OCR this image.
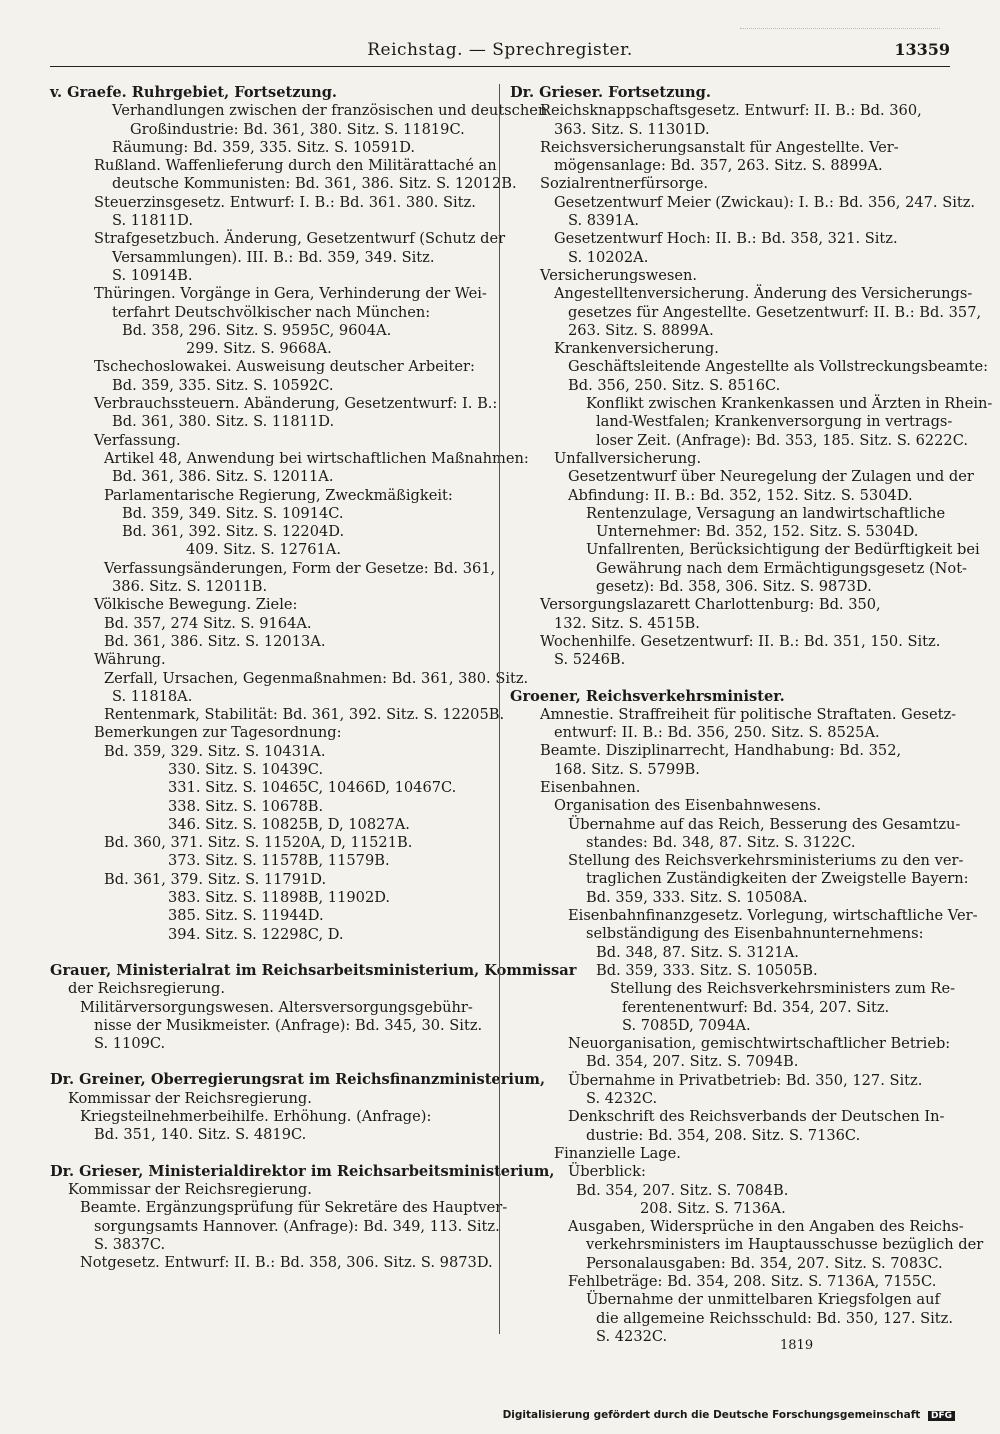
Reichstag. — Sprechregister.	13359
v. Graefe. Ruhrgebiet, Fortsetzung.
Verhandlungen zwischen der französischen und deutschen
Großindustrie: Bd. 361, 380. Sitz. S. 11819C.
Räumung: Bd. 359, 335. Sitz. S. 10591D.
Rußland. Waffenlieferung durch den Militärattaché an
deutsche Kommunisten: Bd. 361, 386. Sitz. S. 12012B.
Steuerzinsgesetz. Entwurf: I. B.: Bd. 361. 380. Sitz.
S. 11811D.
Strafgesetzbuch. Änderung, Gesetzentwurf (Schutz der
Versammlungen). III. B.: Bd. 359, 349. Sitz.
S. 10914B.
Thüringen. Vorgänge in Gera, Verhinderung der Wei-
terfahrt Deutschvölkischer nach München:
Bd. 358, 296. Sitz. S. 9595C, 9604A.
299. Sitz. S. 9668A.
Tschechoslowakei. Ausweisung deutscher Arbeiter:
Bd. 359, 335. Sitz. S. 10592C.
Verbrauchssteuern. Abänderung, Gesetzentwurf: I. B.:
Bd. 361, 380. Sitz. S. 11811D.
Verfassung.
Artikel 48, Anwendung bei wirtschaftlichen Maßnahmen:
Bd. 361, 386. Sitz. S. 12011A.
Parlamentarische Regierung, Zweckmäßigkeit:
Bd. 359, 349. Sitz. S. 10914C.
Bd. 361, 392. Sitz. S. 12204D.
409. Sitz. S. 12761A.
Verfassungsänderungen, Form der Gesetze: Bd. 361,
386. Sitz. S. 12011B.
Völkische Bewegung. Ziele:
Bd. 357, 274 Sitz. S. 9164A.
Bd. 361, 386. Sitz. S. 12013A.
Währung.
Zerfall, Ursachen, Gegenmaßnahmen: Bd. 361, 380. Sitz.
S. 11818A.
Rentenmark, Stabilität: Bd. 361, 392. Sitz. S. 12205B.
Bemerkungen zur Tagesordnung:
Bd. 359, 329. Sitz. S. 10431A.
330. Sitz. S. 10439C.
331. Sitz. S. 10465C, 10466D, 10467C.
338. Sitz. S. 10678B.
346. Sitz. S. 10825B, D, 10827A.
Bd. 360, 371. Sitz. S. 11520A, D, 11521B.
373. Sitz. S. 11578B, 11579B.
Bd. 361, 379. Sitz. S. 11791D.
383. Sitz. S. 11898B, 11902D.
385. Sitz. S. 11944D.
394. Sitz. S. 12298C, D.
Grauer, Ministerialrat im Reichsarbeitsministerium, Kommissar
der Reichsregierung.
Militärversorgungswesen. Altersversorgungsgebühr-
nisse der Musikmeister. (Anfrage): Bd. 345, 30. Sitz.
S. 1109C.
Dr. Greiner, Oberregierungsrat im Reichsfinanzministerium,
Kommissar der Reichsregierung.
Kriegsteilnehmerbeihilfe. Erhöhung. (Anfrage):
Bd. 351, 140. Sitz. S. 4819C.
Dr. Grieser, Ministerialdirektor im Reichsarbeitsministerium,
Kommissar der Reichsregierung.
Beamte. Ergänzungsprüfung für Sekretäre des Hauptver-
sorgungsamts Hannover. (Anfrage): Bd. 349, 113. Sitz.
S. 3837C.
Notgesetz. Entwurf: II. B.: Bd. 358, 306. Sitz. S. 9873D.
Dr. Grieser. Fortsetzung.
Reichsknappschaftsgesetz. Entwurf: II. B.: Bd. 360,
363. Sitz. S. 11301D.
Reichsversicherungsanstalt für Angestellte. Ver-
mögensanlage: Bd. 357, 263. Sitz. S. 8899A.
Sozialrentnerfürsorge.
Gesetzentwurf Meier (Zwickau): I. B.: Bd. 356, 247. Sitz.
S. 8391A.
Gesetzentwurf Hoch: II. B.: Bd. 358, 321. Sitz.
S. 10202A.
Versicherungswesen.
Angestelltenversicherung. Änderung des Versicherungs-
gesetzes für Angestellte. Gesetzentwurf: II. B.: Bd. 357,
263. Sitz. S. 8899A.
Krankenversicherung.
Geschäftsleitende Angestellte als Vollstreckungsbeamte:
Bd. 356, 250. Sitz. S. 8516C.
Konflikt zwischen Krankenkassen und Ärzten in Rhein-
land-Westfalen; Krankenversorgung in vertrags-
loser Zeit. (Anfrage): Bd. 353, 185. Sitz. S. 6222C.
Unfallversicherung.
Gesetzentwurf über Neuregelung der Zulagen und der
Abfindung: II. B.: Bd. 352, 152. Sitz. S. 5304D.
Rentenzulage, Versagung an landwirtschaftliche
Unternehmer: Bd. 352, 152. Sitz. S. 5304D.
Unfallrenten, Berücksichtigung der Bedürftigkeit bei
Gewährung nach dem Ermächtigungsgesetz (Not-
gesetz): Bd. 358, 306. Sitz. S. 9873D.
Versorgungslazarett Charlottenburg: Bd. 350,
132. Sitz. S. 4515B.
Wochenhilfe. Gesetzentwurf: II. B.: Bd. 351, 150. Sitz.
S. 5246B.
Groener, Reichsverkehrsminister.
Amnestie. Straffreiheit für politische Straftaten. Gesetz-
entwurf: II. B.: Bd. 356, 250. Sitz. S. 8525A.
Beamte. Disziplinarrecht, Handhabung: Bd. 352,
168. Sitz. S. 5799B.
Eisenbahnen.
Organisation des Eisenbahnwesens.
Übernahme auf das Reich, Besserung des Gesamtzu-
standes: Bd. 348, 87. Sitz. S. 3122C.
Stellung des Reichsverkehrsministeriums zu den ver-
traglichen Zuständigkeiten der Zweigstelle Bayern:
Bd. 359, 333. Sitz. S. 10508A.
Eisenbahnfinanzgesetz. Vorlegung, wirtschaftliche Ver-
selbständigung des Eisenbahnunternehmens:
Bd. 348, 87. Sitz. S. 3121A.
Bd. 359, 333. Sitz. S. 10505B.
Stellung des Reichsverkehrsministers zum Re-
ferentenentwurf: Bd. 354, 207. Sitz.
S. 7085D, 7094A.
Neuorganisation, gemischtwirtschaftlicher Betrieb:
Bd. 354, 207. Sitz. S. 7094B.
Übernahme in Privatbetrieb: Bd. 350, 127. Sitz.
S. 4232C.
Denkschrift des Reichsverbands der Deutschen In-
dustrie: Bd. 354, 208. Sitz. S. 7136C.
Finanzielle Lage.
Überblick:
Bd. 354, 207. Sitz. S. 7084B.
208. Sitz. S. 7136A.
Ausgaben, Widersprüche in den Angaben des Reichs-
verkehrsministers im Hauptausschusse bezüglich der
Personalausgaben: Bd. 354, 207. Sitz. S. 7083C.
Fehlbeträge: Bd. 354, 208. Sitz. S. 7136A, 7155C.
Übernahme der unmittelbaren Kriegsfolgen auf
die allgemeine Reichsschuld: Bd. 350, 127. Sitz.
S. 4232C.
1819
Digitalisierung gefördert durch die Deutsche Forschungsgemeinschaft DFG
